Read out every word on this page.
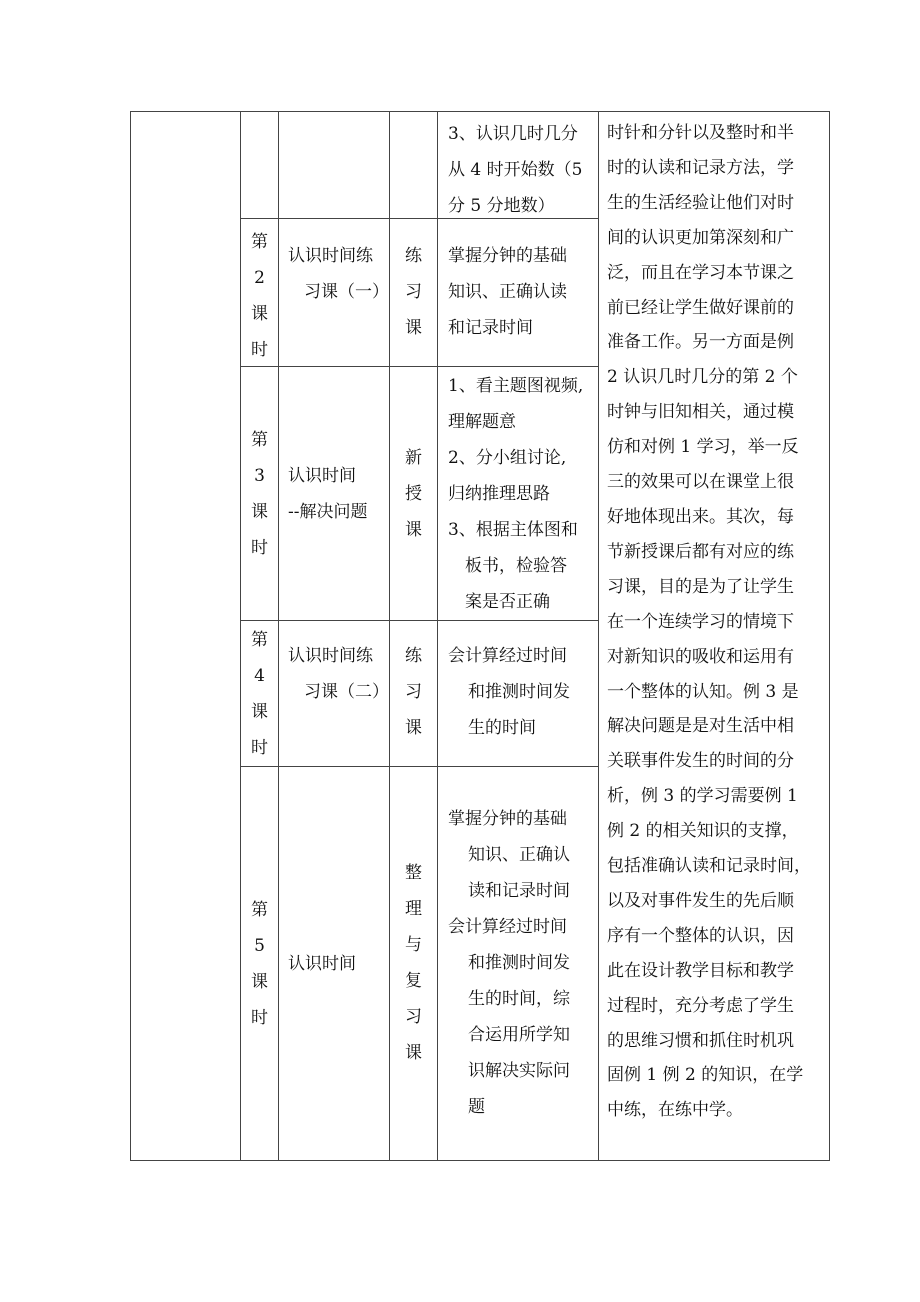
3、认识几时几分
从 4 时开始数（5
分 5 分地数）
第
2
课
时
认识时间练
习课（一）
练
习
课
掌握分钟的基础
知识、正确认读
和记录时间
第
3
课
时
认识时间
--解决问题
新
授
课
1、看主题图视频,
理解题意
2、分小组讨论,
归纳推理思路
3、根据主体图和
板书，检验答
案是否正确
第
4
课
时
认识时间练
习课（二）
练
习
课
会计算经过时间
和推测时间发
生的时间
第
5
课
时
认识时间
整
理
与
复
习
课
掌握分钟的基础
知识、正确认
读和记录时间
会计算经过时间
和推测时间发
生的时间，综
合运用所学知
识解决实际问
题
时针和分针以及整时和半
时的认读和记录方法，学
生的生活经验让他们对时
间的认识更加第深刻和广
泛，而且在学习本节课之
前已经让学生做好课前的
准备工作。另一方面是例
2 认识几时几分的第 2 个
时钟与旧知相关，通过模
仿和对例 1 学习，举一反
三的效果可以在课堂上很
好地体现出来。其次，每
节新授课后都有对应的练
习课，目的是为了让学生
在一个连续学习的情境下
对新知识的吸收和运用有
一个整体的认知。例 3 是
解决问题是是对生活中相
关联事件发生的时间的分
析，例 3 的学习需要例 1
例 2 的相关知识的支撑，
包括准确认读和记录时间，
以及对事件发生的先后顺
序有一个整体的认识，因
此在设计教学目标和教学
过程时，充分考虑了学生
的思维习惯和抓住时机巩
固例 1 例 2 的知识，在学
中练，在练中学。
